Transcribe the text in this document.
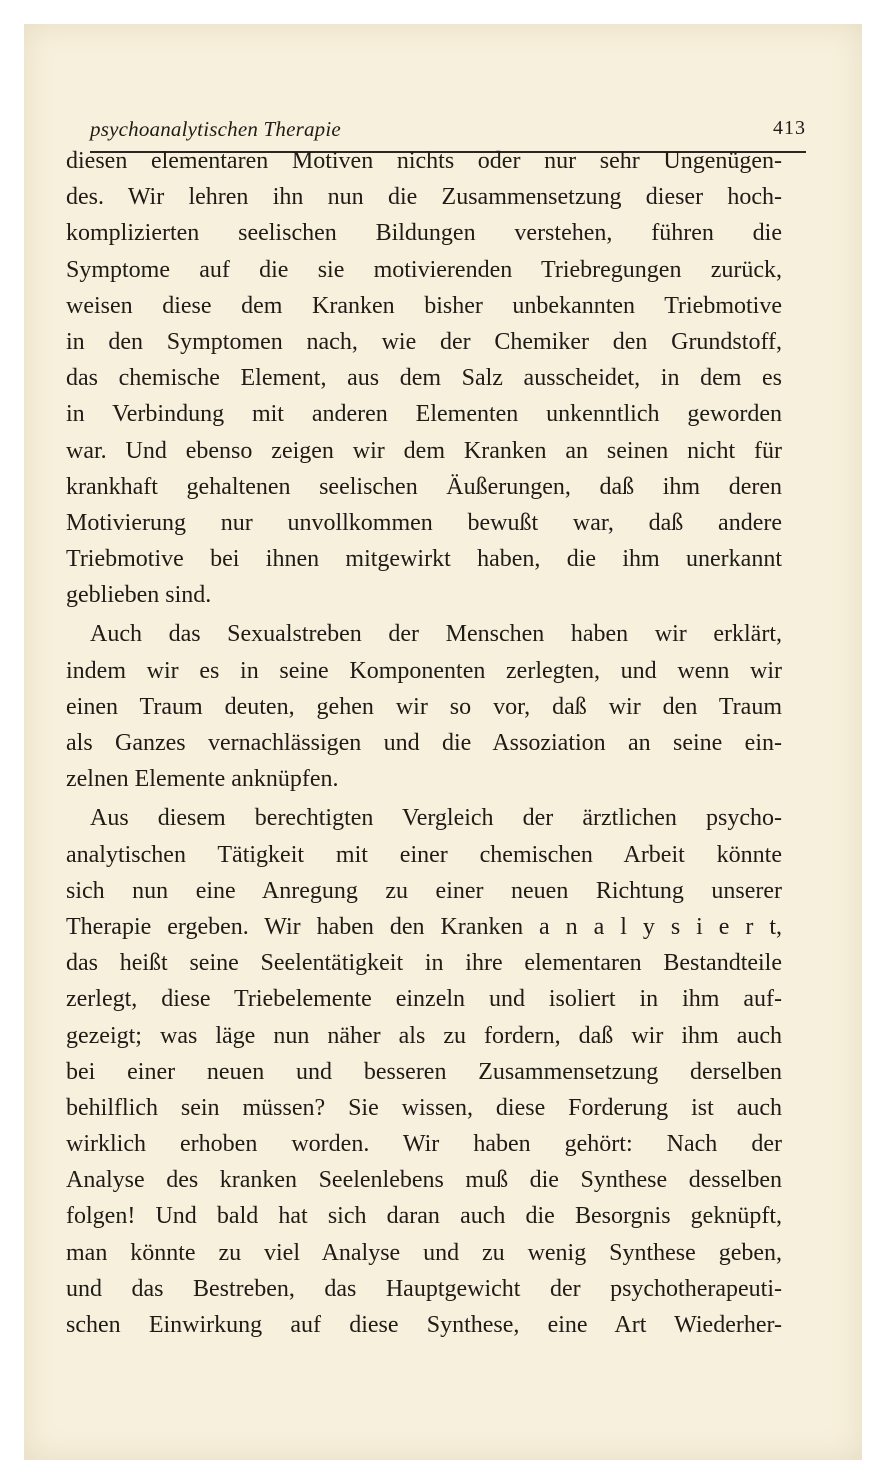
psychoanalytischen Therapie	413
diesen elementaren Motiven nichts oder nur sehr Ungenügen-
des. Wir lehren ihn nun die Zusammensetzung dieser hoch-
komplizierten seelischen Bildungen verstehen, führen die
Symptome auf die sie motivierenden Triebregungen zurück,
weisen diese dem Kranken bisher unbekannten Triebmotive
in den Symptomen nach, wie der Chemiker den Grundstoff,
das chemische Element, aus dem Salz ausscheidet, in dem es
in Verbindung mit anderen Elementen unkenntlich geworden
war. Und ebenso zeigen wir dem Kranken an seinen nicht für
krankhaft gehaltenen seelischen Äußerungen, daß ihm deren
Motivierung nur unvollkommen bewußt war, daß andere
Triebmotive bei ihnen mitgewirkt haben, die ihm unerkannt
geblieben sind.
Auch das Sexualstreben der Menschen haben wir erklärt,
indem wir es in seine Komponenten zerlegten, und wenn wir
einen Traum deuten, gehen wir so vor, daß wir den Traum
als Ganzes vernachlässigen und die Assoziation an seine ein-
zelnen Elemente anknüpfen.
Aus diesem berechtigten Vergleich der ärztlichen psycho-
analytischen Tätigkeit mit einer chemischen Arbeit könnte
sich nun eine Anregung zu einer neuen Richtung unserer
Therapie ergeben. Wir haben den Kranken a n a l y s i e r t,
das heißt seine Seelentätigkeit in ihre elementaren Bestandteile
zerlegt, diese Triebelemente einzeln und isoliert in ihm auf-
gezeigt; was läge nun näher als zu fordern, daß wir ihm auch
bei einer neuen und besseren Zusammensetzung derselben
behilflich sein müssen? Sie wissen, diese Forderung ist auch
wirklich erhoben worden. Wir haben gehört: Nach der
Analyse des kranken Seelenlebens muß die Synthese desselben
folgen! Und bald hat sich daran auch die Besorgnis geknüpft,
man könnte zu viel Analyse und zu wenig Synthese geben,
und das Bestreben, das Hauptgewicht der psychotherapeuti-
schen Einwirkung auf diese Synthese, eine Art Wiederher-
